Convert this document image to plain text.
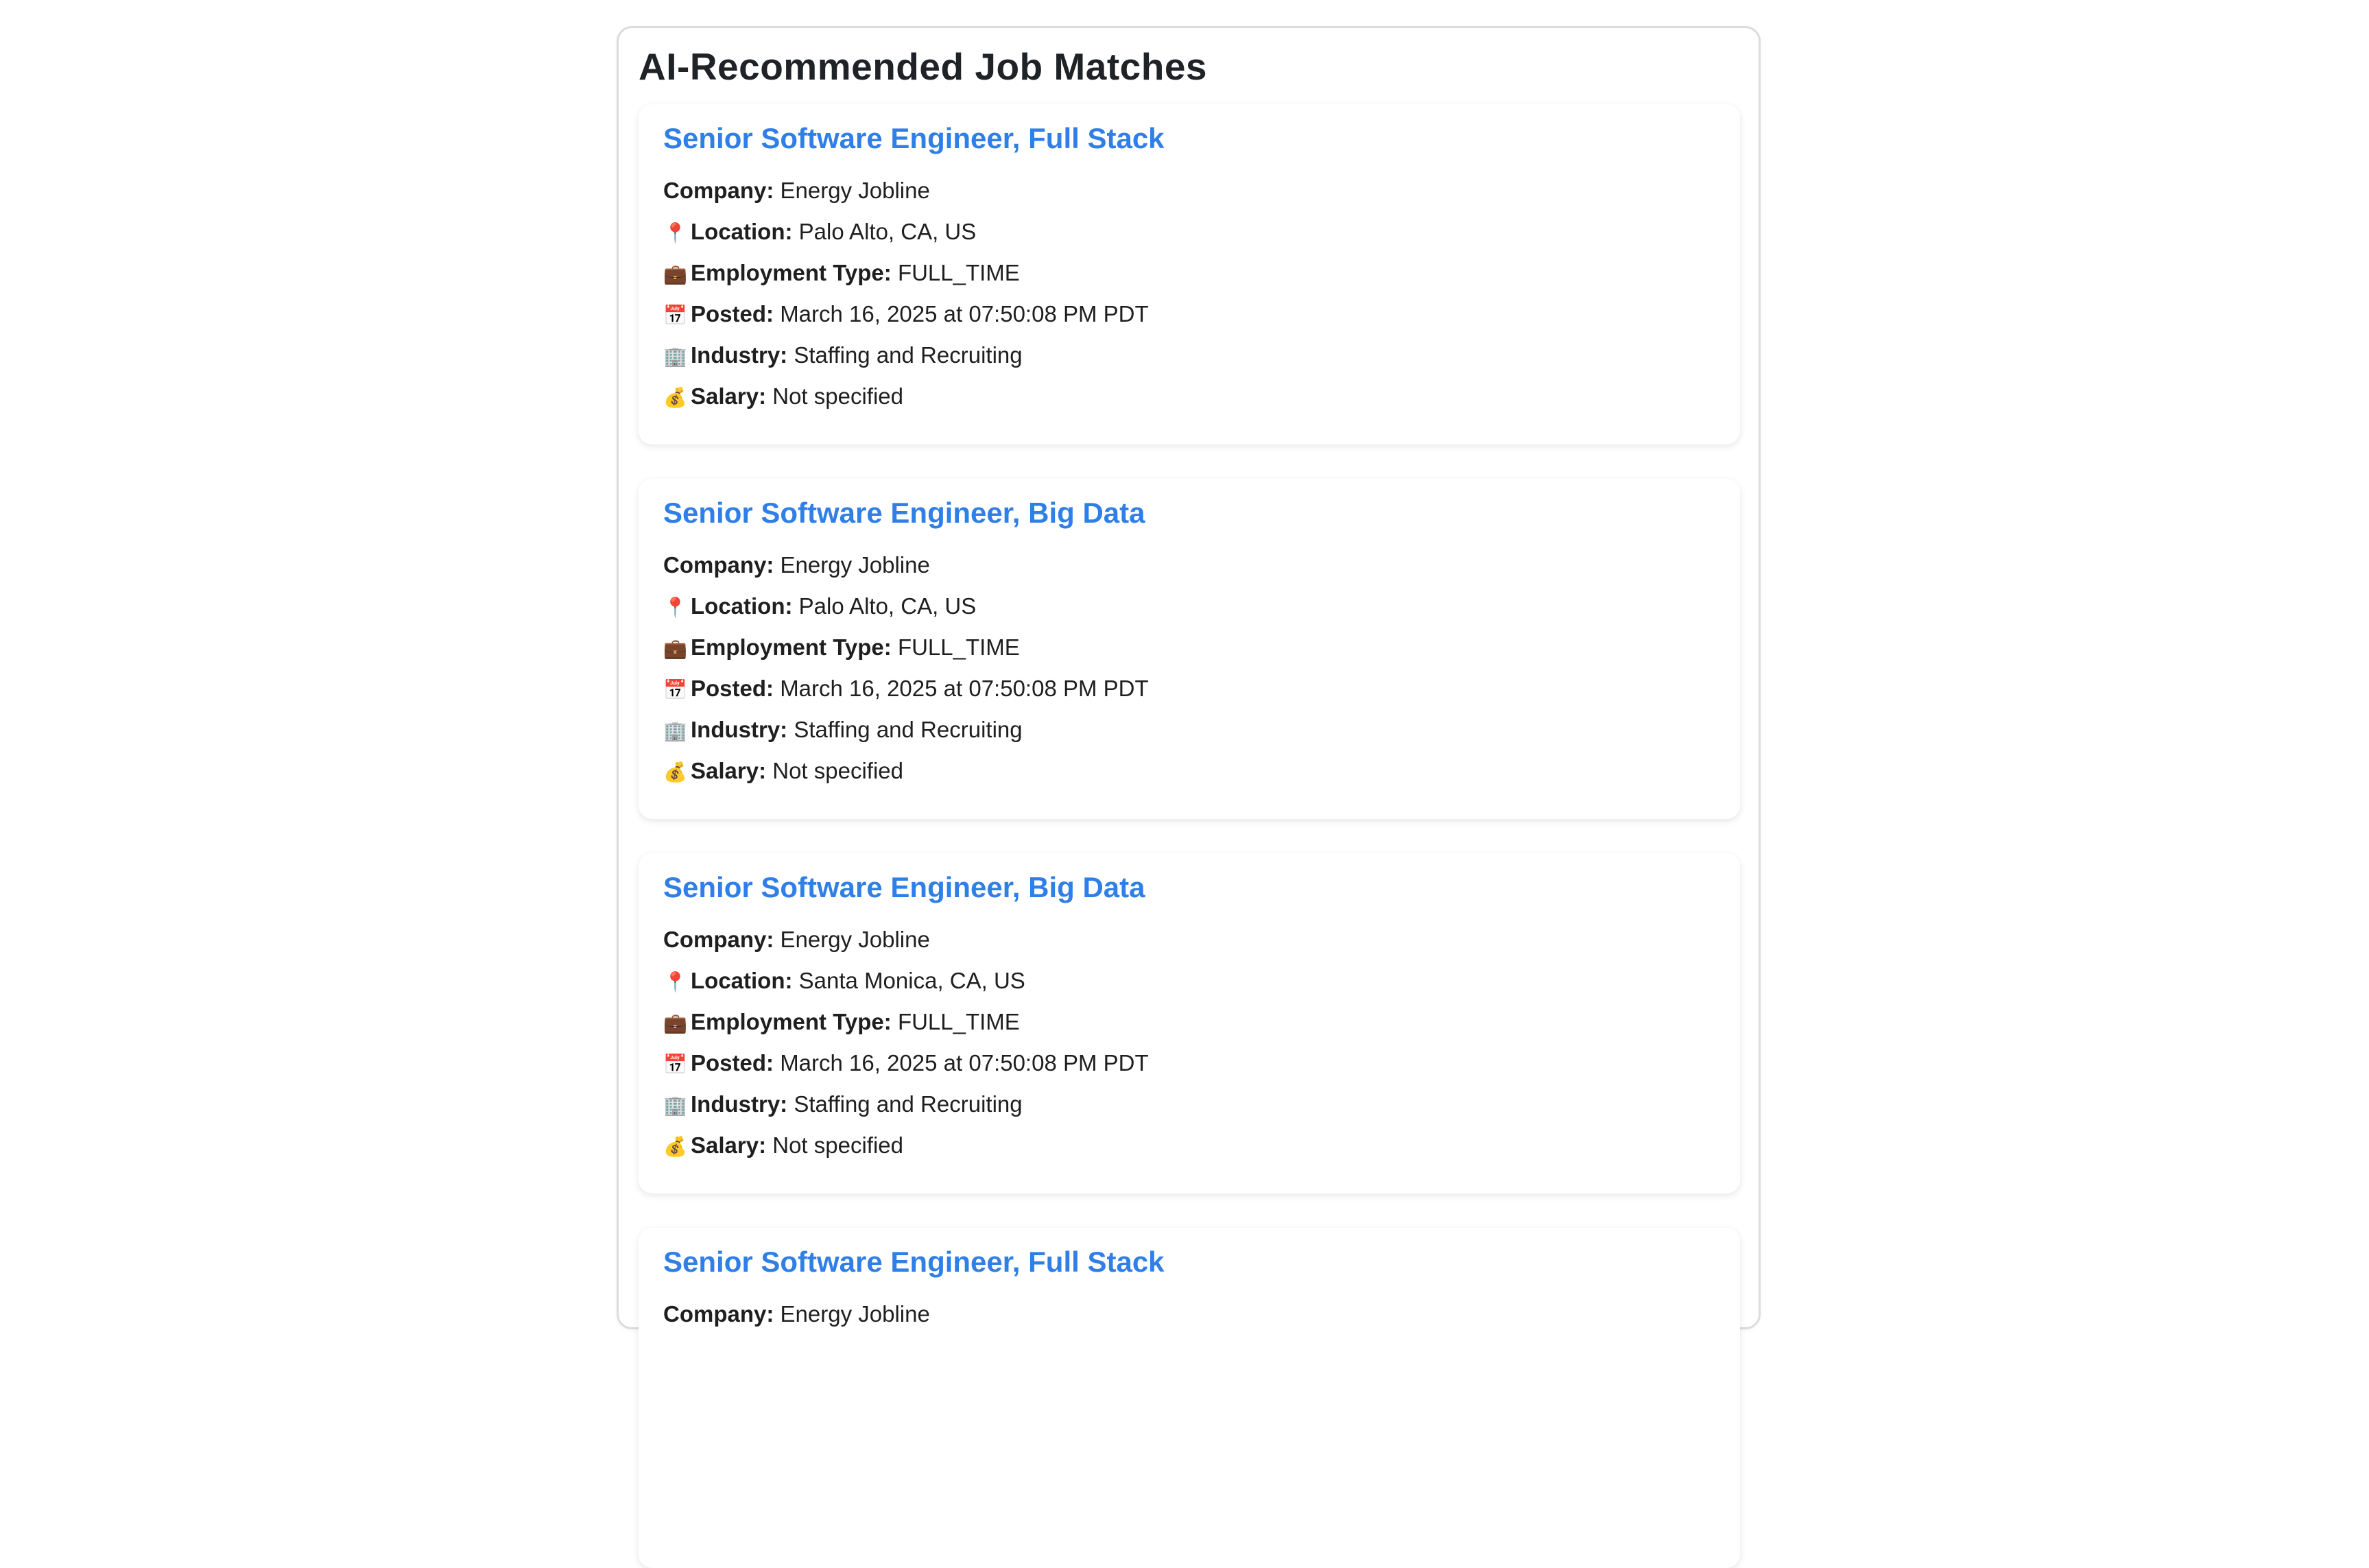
AI-Recommended Job Matches
Senior Software Engineer, Full Stack
Company: Energy Jobline
📍 Location: Palo Alto, CA, US
💼 Employment Type: FULL_TIME
📅 Posted: March 16, 2025 at 07:50:08 PM PDT
🏢 Industry: Staffing and Recruiting
💰 Salary: Not specified
Senior Software Engineer, Big Data
Company: Energy Jobline
📍 Location: Palo Alto, CA, US
💼 Employment Type: FULL_TIME
📅 Posted: March 16, 2025 at 07:50:08 PM PDT
🏢 Industry: Staffing and Recruiting
💰 Salary: Not specified
Senior Software Engineer, Big Data
Company: Energy Jobline
📍 Location: Santa Monica, CA, US
💼 Employment Type: FULL_TIME
📅 Posted: March 16, 2025 at 07:50:08 PM PDT
🏢 Industry: Staffing and Recruiting
💰 Salary: Not specified
Senior Software Engineer, Full Stack
Company: Energy Jobline
